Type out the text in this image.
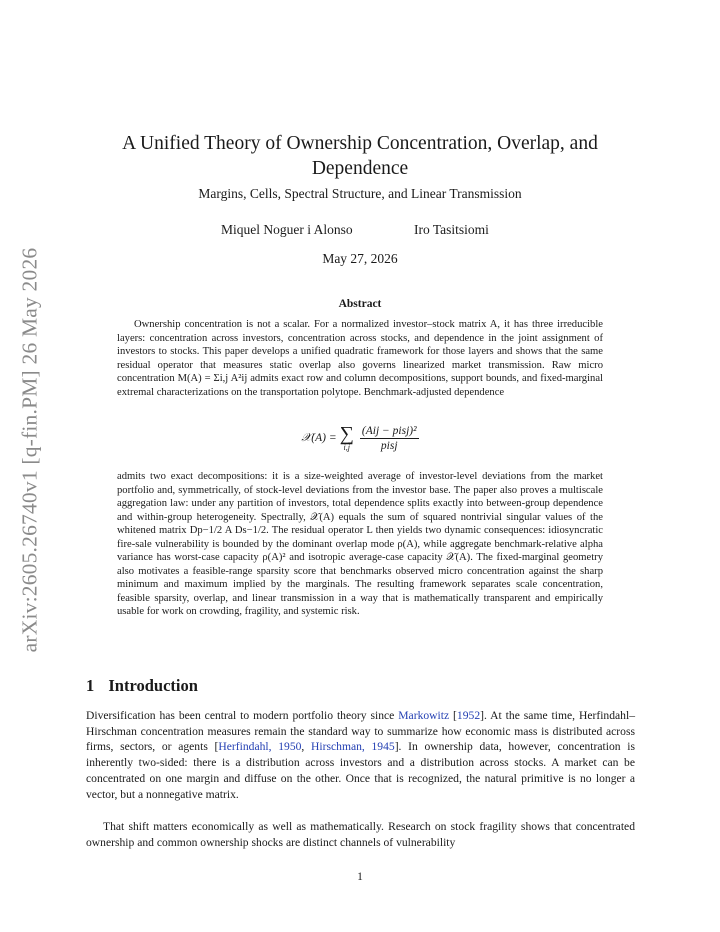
arXiv:2605.26740v1 [q-fin.PM] 26 May 2026
A Unified Theory of Ownership Concentration, Overlap, and Dependence
Margins, Cells, Spectral Structure, and Linear Transmission
Miquel Noguer i Alonso	Iro Tasitsiomi
May 27, 2026
Abstract
Ownership concentration is not a scalar. For a normalized investor–stock matrix A, it has three irreducible layers: concentration across investors, concentration across stocks, and dependence in the joint assignment of investors to stocks. This paper develops a unified quadratic framework for those layers and shows that the same residual operator that measures static overlap also governs linearized market transmission. Raw micro concentration M(A) = Σi,j A²ij admits exact row and column decompositions, support bounds, and fixed-marginal extremal characterizations on the transportation polytope. Benchmark-adjusted dependence
𝒳(A) = ∑
$i,j \frac{\text{(Aij − pisj)²}}{\text{pisj}}$
admits two exact decompositions: it is a size-weighted average of investor-level deviations from the market portfolio and, symmetrically, of stock-level deviations from the investor base. The paper also proves a multiscale aggregation law: under any partition of investors, total dependence splits exactly into between-group dependence and within-group heterogeneity. Spectrally, 𝒳(A) equals the sum of squared nontrivial singular values of the whitened matrix Dp−1/2 A Ds−1/2. The residual operator L then yields two dynamic consequences: idiosyncratic fire-sale vulnerability is bounded by the dominant overlap mode ρ(A), while aggregate benchmark-relative alpha variance has worst-case capacity ρ(A)² and isotropic average-case capacity 𝒳(A). The fixed-marginal geometry also motivates a feasible-range sparsity score that benchmarks observed micro concentration against the sharp minimum and maximum implied by the marginals. The resulting framework separates scale concentration, feasible sparsity, overlap, and linear transmission in a way that is mathematically transparent and empirically usable for work on crowding, fragility, and systemic risk.
1 Introduction
Diversification has been central to modern portfolio theory since Markowitz [1952]. At the same time, Herfindahl–Hirschman concentration measures remain the standard way to summarize how economic mass is distributed across firms, sectors, or agents [Herfindahl, 1950, Hirschman, 1945]. In ownership data, however, concentration is inherently two-sided: there is a distribution across investors and a distribution across stocks. A market can be concentrated on one margin and diffuse on the other. Once that is recognized, the natural primitive is no longer a vector, but a nonnegative matrix.
That shift matters economically as well as mathematically. Research on stock fragility shows that concentrated ownership and common ownership shocks are distinct channels of vulnerability
1
